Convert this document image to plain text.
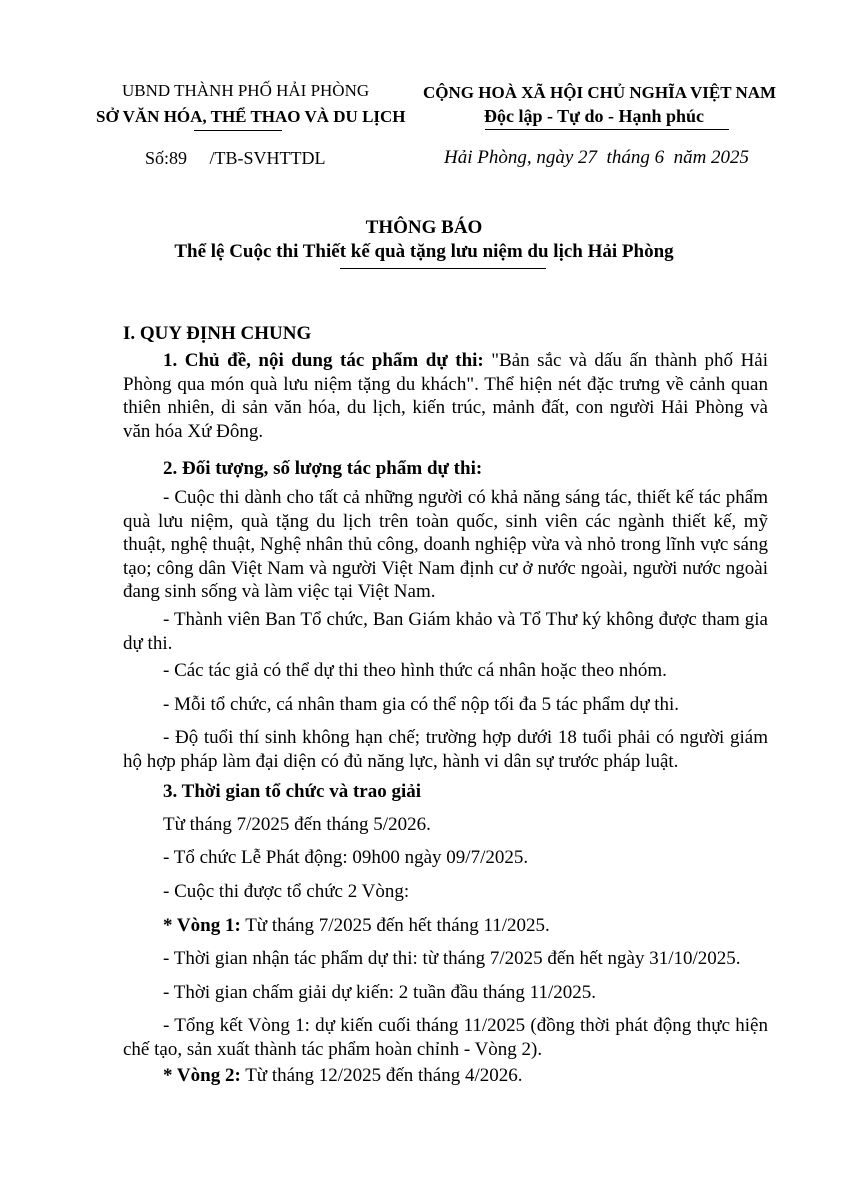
UBND THÀNH PHỐ HẢI PHÒNG
SỞ VĂN HÓA, THỂ THAO VÀ DU LỊCH
CỘNG HOÀ XÃ HỘI CHỦ NGHĨA VIỆT NAM
Độc lập - Tự do - Hạnh phúc
Số:89     /TB-SVHTTDL	Hải Phòng, ngày 27  tháng 6  năm 2025
THÔNG BÁO
Thể lệ Cuộc thi Thiết kế quà tặng lưu niệm du lịch Hải Phòng
I. QUY ĐỊNH CHUNG
1. Chủ đề, nội dung tác phẩm dự thi: "Bản sắc và dấu ấn thành phố Hải Phòng qua món quà lưu niệm tặng du khách". Thể hiện nét đặc trưng về cảnh quan thiên nhiên, di sản văn hóa, du lịch, kiến trúc, mảnh đất, con người Hải Phòng và văn hóa Xứ Đông.
2. Đối tượng, số lượng tác phẩm dự thi:
- Cuộc thi dành cho tất cả những người có khả năng sáng tác, thiết kế tác phẩm quà lưu niệm, quà tặng du lịch trên toàn quốc, sinh viên các ngành thiết kế, mỹ thuật, nghệ thuật, Nghệ nhân thủ công, doanh nghiệp vừa và nhỏ trong lĩnh vực sáng tạo; công dân Việt Nam và người Việt Nam định cư ở nước ngoài, người nước ngoài đang sinh sống và làm việc tại Việt Nam.
- Thành viên Ban Tổ chức, Ban Giám khảo và Tổ Thư ký không được tham gia dự thi.
- Các tác giả có thể dự thi theo hình thức cá nhân hoặc theo nhóm.
- Mỗi tổ chức, cá nhân tham gia có thể nộp tối đa 5 tác phẩm dự thi.
- Độ tuổi thí sinh không hạn chế; trường hợp dưới 18 tuổi phải có người giám hộ hợp pháp làm đại diện có đủ năng lực, hành vi dân sự trước pháp luật.
3. Thời gian tổ chức và trao giải
Từ tháng 7/2025 đến tháng 5/2026.
- Tổ chức Lễ Phát động: 09h00 ngày 09/7/2025.
- Cuộc thi được tổ chức 2 Vòng:
* Vòng 1: Từ tháng 7/2025 đến hết tháng 11/2025.
- Thời gian nhận tác phẩm dự thi: từ tháng 7/2025 đến hết ngày 31/10/2025.
- Thời gian chấm giải dự kiến: 2 tuần đầu tháng 11/2025.
- Tổng kết Vòng 1: dự kiến cuối tháng 11/2025 (đồng thời phát động thực hiện chế tạo, sản xuất thành tác phẩm hoàn chỉnh - Vòng 2).
* Vòng 2: Từ tháng 12/2025 đến tháng 4/2026.
